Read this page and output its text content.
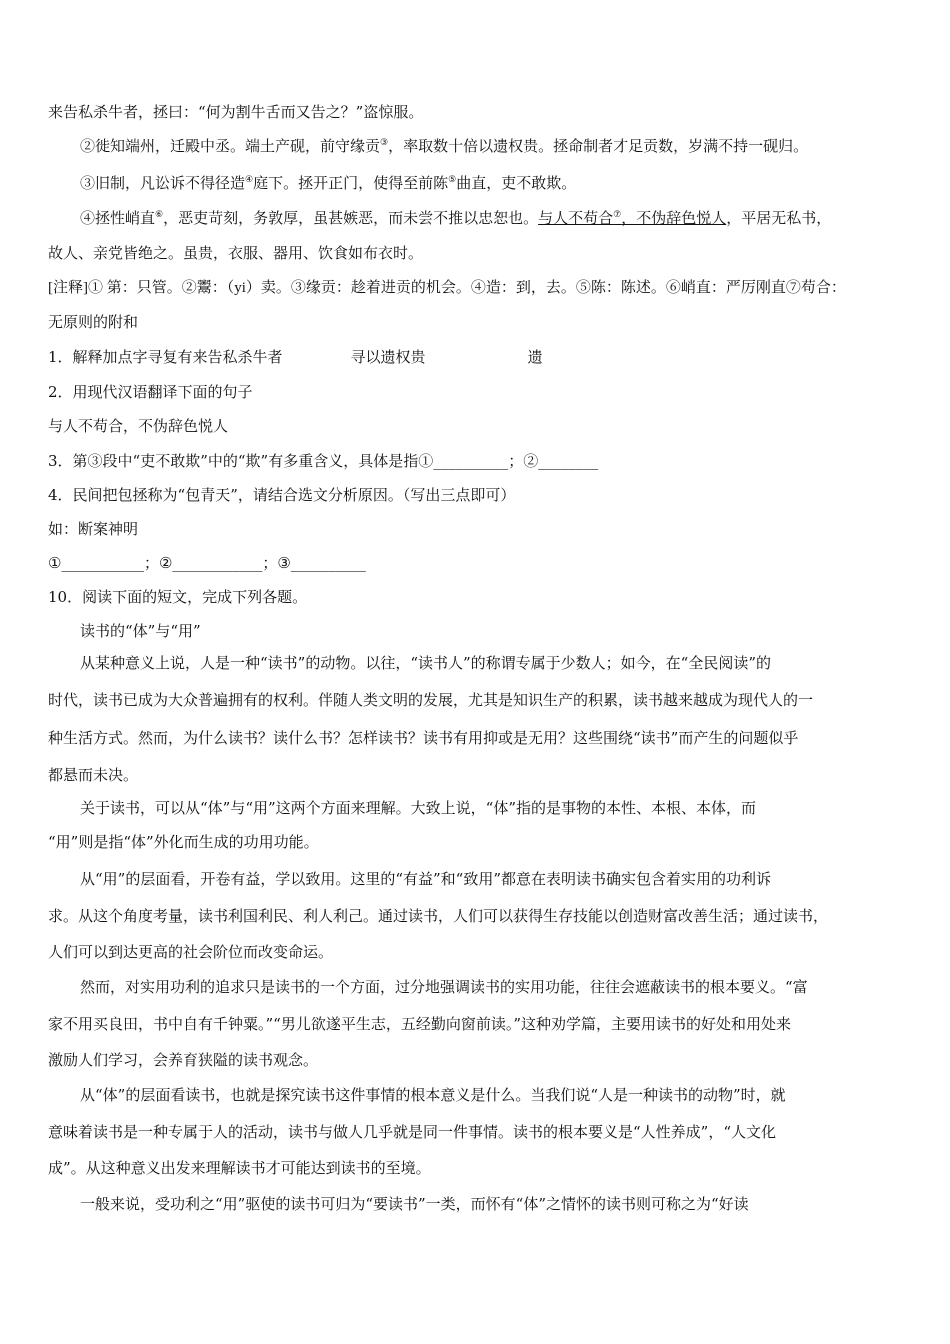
来告私杀牛者，拯曰：“何为割牛舌而又告之？”盗惊服。
②徙知端州，迁殿中丞。端土产砚，前守缘贡③，率取数十倍以遗权贵。拯命制者才足贡数，岁满不持一砚归。
③旧制，凡讼诉不得径造④庭下。拯开正门，使得至前陈⑤曲直，吏不敢欺。
④拯性峭直⑥，恶吏苛刻，务敦厚，虽甚嫉恶，而未尝不推以忠恕也。与人不苟合⑦，不伪辞色悦人，平居无私书，
故人、亲党皆绝之。虽贵，衣服、器用、饮食如布衣时。
[注释]① 第：只管。②鬻：（yi）卖。③缘贡：趁着进贡的机会。④造：到，去。⑤陈：陈述。⑥峭直：严厉刚直⑦苟合：
无原则的附和
1．解释加点字寻复有来告私杀牛者	寻以遗权贵	遗
2．用现代汉语翻译下面的句子
与人不苟合，不伪辞色悦人
3．第③段中“吏不敢欺”中的“欺”有多重含义，具体是指①__________；②________
4．民间把包拯称为“包青天”，请结合选文分析原因。（写出三点即可）
如：断案神明
①___________；②____________；③__________
10．阅读下面的短文，完成下列各题。
读书的“体”与“用”
从某种意义上说，人是一种“读书”的动物。以往，“读书人”的称谓专属于少数人；如今，在“全民阅读”的
时代，读书已成为大众普遍拥有的权利。伴随人类文明的发展，尤其是知识生产的积累，读书越来越成为现代人的一
种生活方式。然而，为什么读书？读什么书？怎样读书？读书有用抑或是无用？这些围绕“读书”而产生的问题似乎
都悬而未决。
关于读书，可以从“体”与“用”这两个方面来理解。大致上说，“体”指的是事物的本性、本根、本体，而
“用”则是指“体”外化而生成的功用功能。
从“用”的层面看，开卷有益，学以致用。这里的“有益”和“致用”都意在表明读书确实包含着实用的功利诉
求。从这个角度考量，读书利国利民、利人利己。通过读书，人们可以获得生存技能以创造财富改善生活；通过读书，
人们可以到达更高的社会阶位而改变命运。
然而，对实用功利的追求只是读书的一个方面，过分地强调读书的实用功能，往往会遮蔽读书的根本要义。“富
家不用买良田，书中自有千钟粟。”“男儿欲遂平生志，五经勤向窗前读。”这种劝学篇，主要用读书的好处和用处来
激励人们学习，会养育狭隘的读书观念。
从“体”的层面看读书，也就是探究读书这件事情的根本意义是什么。当我们说“人是一种读书的动物”时，就
意味着读书是一种专属于人的活动，读书与做人几乎就是同一件事情。读书的根本要义是“人性养成”，“人文化
成”。从这种意义出发来理解读书才可能达到读书的至境。
一般来说，受功利之“用”驱使的读书可归为“要读书”一类，而怀有“体”之情怀的读书则可称之为“好读
